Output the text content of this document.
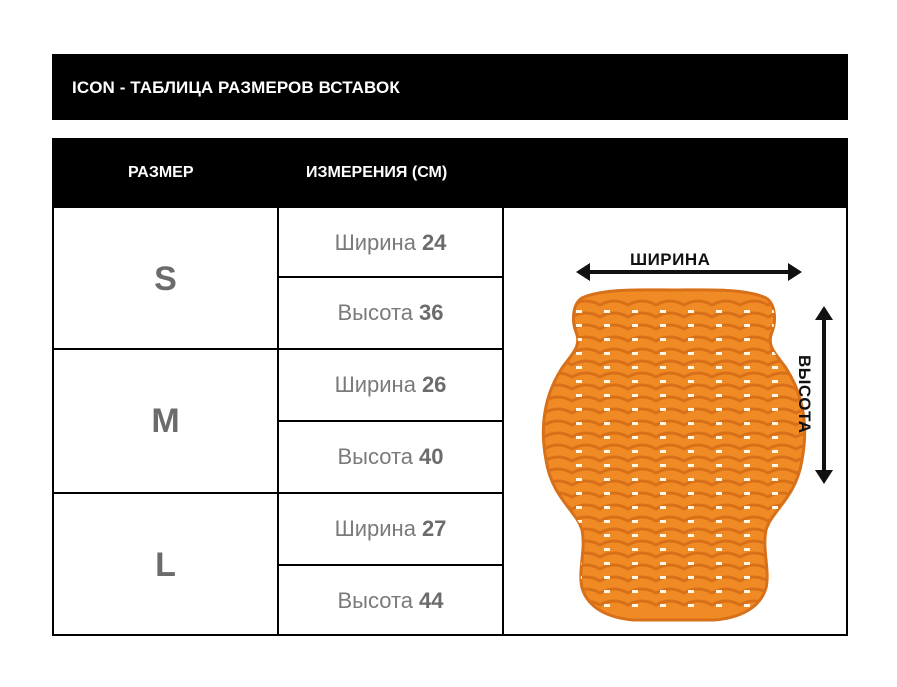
ICON - ТАБЛИЦА РАЗМЕРОВ ВСТАВОК
РАЗМЕР	ИЗМЕРЕНИЯ (СМ)
S
Ширина 24
Высота 36
M
Ширина 26
Высота 40
L
Ширина 27
Высота 44
ШИРИНА
ВЫСОТА
